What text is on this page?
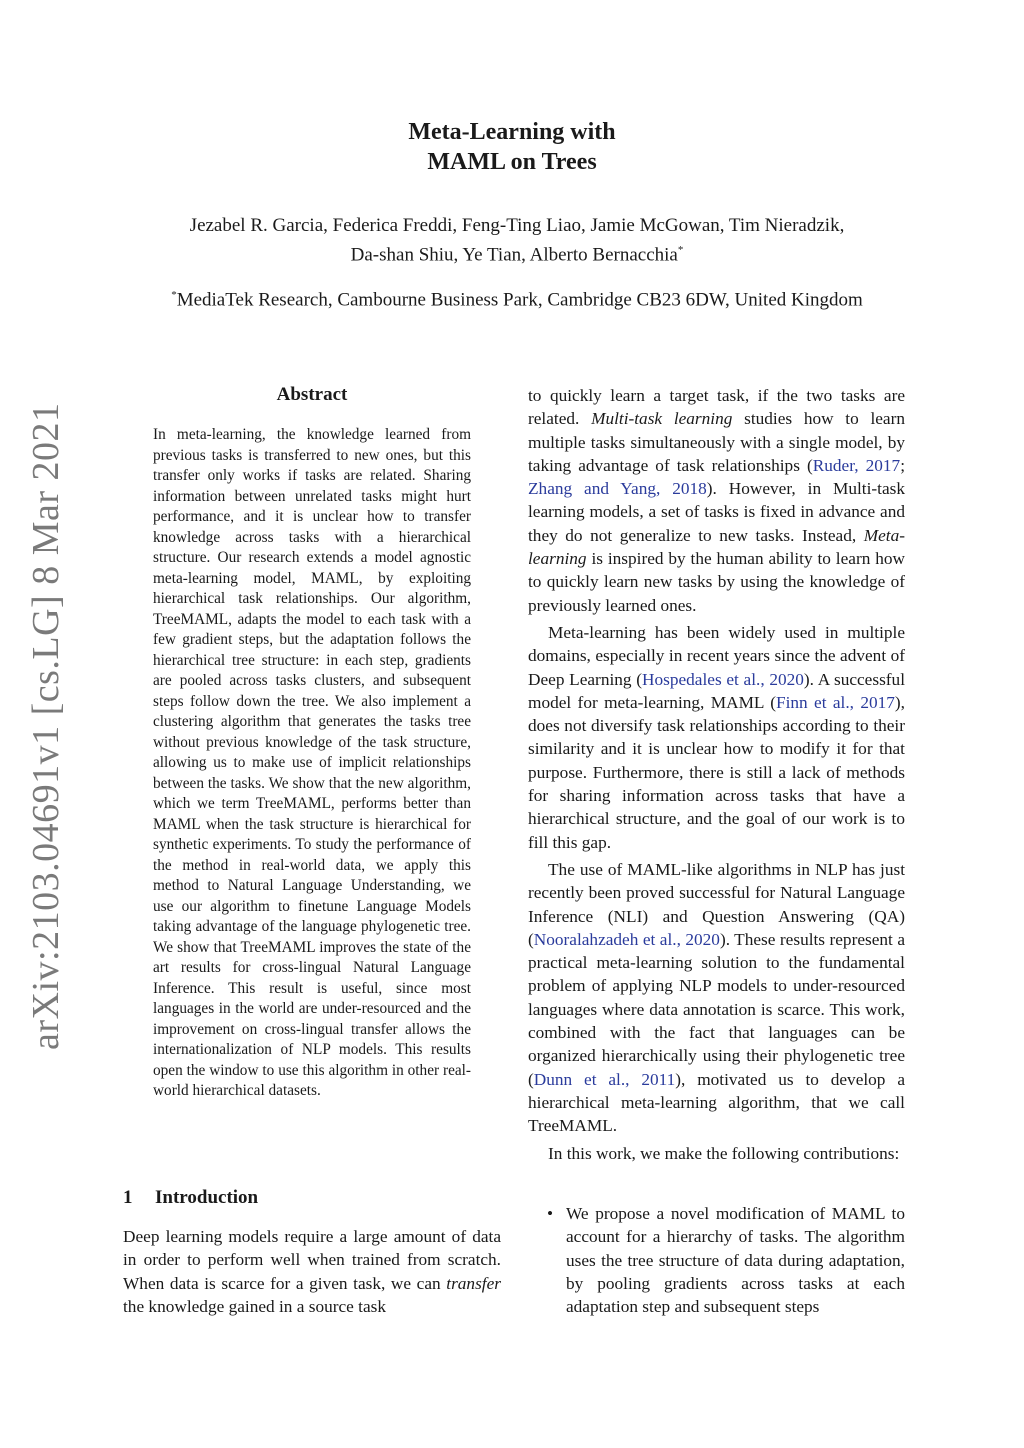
arXiv:2103.04691v1 [cs.LG] 8 Mar 2021
Meta-Learning with
MAML on Trees
Jezabel R. Garcia, Federica Freddi, Feng-Ting Liao, Jamie McGowan, Tim Nieradzik,
Da-shan Shiu, Ye Tian, Alberto Bernacchia*
*MediaTek Research, Cambourne Business Park, Cambridge CB23 6DW, United Kingdom
Abstract
In meta-learning, the knowledge learned from previous tasks is transferred to new ones, but this transfer only works if tasks are related. Sharing information between unrelated tasks might hurt performance, and it is unclear how to transfer knowledge across tasks with a hierarchical structure. Our research extends a model agnostic meta-learning model, MAML, by exploiting hierarchical task relationships. Our algorithm, TreeMAML, adapts the model to each task with a few gradient steps, but the adaptation follows the hierarchical tree structure: in each step, gradients are pooled across tasks clusters, and subsequent steps follow down the tree. We also implement a clustering algorithm that generates the tasks tree without previous knowledge of the task structure, allowing us to make use of implicit relationships between the tasks. We show that the new algorithm, which we term TreeMAML, performs better than MAML when the task structure is hierarchical for synthetic experiments. To study the performance of the method in real-world data, we apply this method to Natural Language Understanding, we use our algorithm to finetune Language Models taking advantage of the language phylogenetic tree. We show that TreeMAML improves the state of the art results for cross-lingual Natural Language Inference. This result is useful, since most languages in the world are under-resourced and the improvement on cross-lingual transfer allows the internationalization of NLP models. This results open the window to use this algorithm in other real-world hierarchical datasets.
1 Introduction
Deep learning models require a large amount of data in order to perform well when trained from scratch. When data is scarce for a given task, we can transfer the knowledge gained in a source task

to quickly learn a target task, if the two tasks are related. Multi-task learning studies how to learn multiple tasks simultaneously with a single model, by taking advantage of task relationships (Ruder, 2017; Zhang and Yang, 2018). However, in Multi-task learning models, a set of tasks is fixed in advance and they do not generalize to new tasks. Instead, Meta-learning is inspired by the human ability to learn how to quickly learn new tasks by using the knowledge of previously learned ones.

Meta-learning has been widely used in multiple domains, especially in recent years since the advent of Deep Learning (Hospedales et al., 2020). A successful model for meta-learning, MAML (Finn et al., 2017), does not diversify task relationships according to their similarity and it is unclear how to modify it for that purpose. Furthermore, there is still a lack of methods for sharing information across tasks that have a hierarchical structure, and the goal of our work is to fill this gap.

The use of MAML-like algorithms in NLP has just recently been proved successful for Natural Language Inference (NLI) and Question Answering (QA) (Nooralahzadeh et al., 2020). These results represent a practical meta-learning solution to the fundamental problem of applying NLP models to under-resourced languages where data annotation is scarce. This work, combined with the fact that languages can be organized hierarchically using their phylogenetic tree (Dunn et al., 2011), motivated us to develop a hierarchical meta-learning algorithm, that we call TreeMAML.

In this work, we make the following contributions:

• We propose a novel modification of MAML to account for a hierarchy of tasks. The algorithm uses the tree structure of data during adaptation, by pooling gradients across tasks at each adaptation step and subsequent steps
